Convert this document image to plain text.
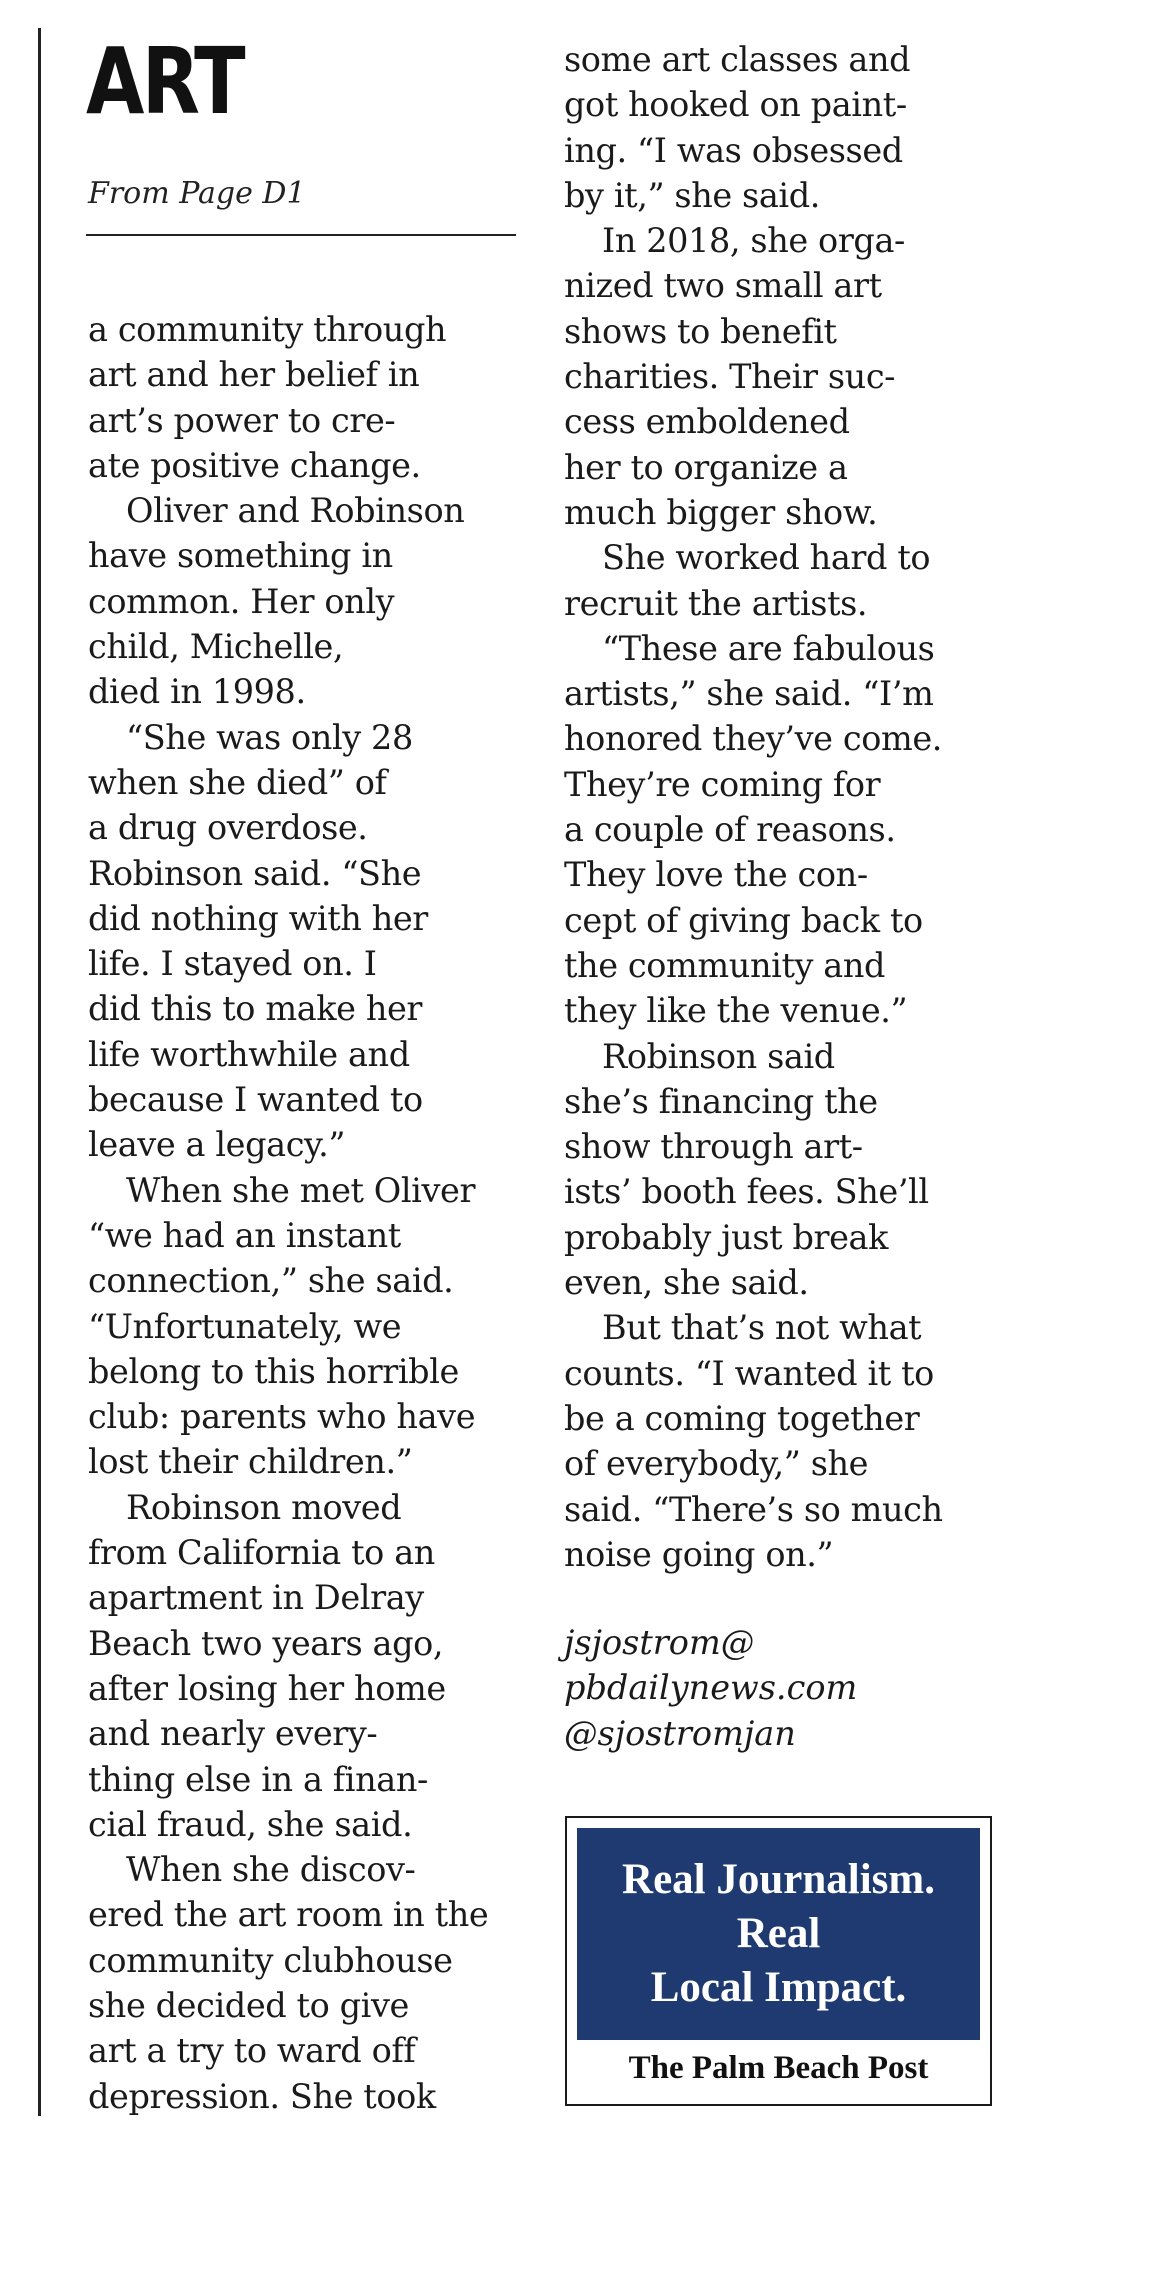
ART
From Page D1
a community through
art and her belief in
art’s power to cre-
ate positive change.
Oliver and Robinson
have something in
common. Her only
child, Michelle,
died in 1998.
“She was only 28
when she died” of
a drug overdose.
Robinson said. “She
did nothing with her
life. I stayed on. I
did this to make her
life worthwhile and
because I wanted to
leave a legacy.”
When she met Oliver
“we had an instant
connection,” she said.
“Unfortunately, we
belong to this horrible
club: parents who have
lost their children.”
Robinson moved
from California to an
apartment in Delray
Beach two years ago,
after losing her home
and nearly every-
thing else in a finan-
cial fraud, she said.
When she discov-
ered the art room in the
community clubhouse
she decided to give
art a try to ward off
depression. She took
some art classes and
got hooked on paint-
ing. “I was obsessed
by it,” she said.
In 2018, she orga-
nized two small art
shows to benefit
charities. Their suc-
cess emboldened
her to organize a
much bigger show.
She worked hard to
recruit the artists.
“These are fabulous
artists,” she said. “I’m
honored they’ve come.
They’re coming for
a couple of reasons.
They love the con-
cept of giving back to
the community and
they like the venue.”
Robinson said
she’s financing the
show through art-
ists’ booth fees. She’ll
probably just break
even, she said.
But that’s not what
counts. “I wanted it to
be a coming together
of everybody,” she
said. “There’s so much
noise going on.”
jsjostrom@
pbdailynews.com
@sjostromjan
Real Journalism.
Real
Local Impact.
The Palm Beach Post
